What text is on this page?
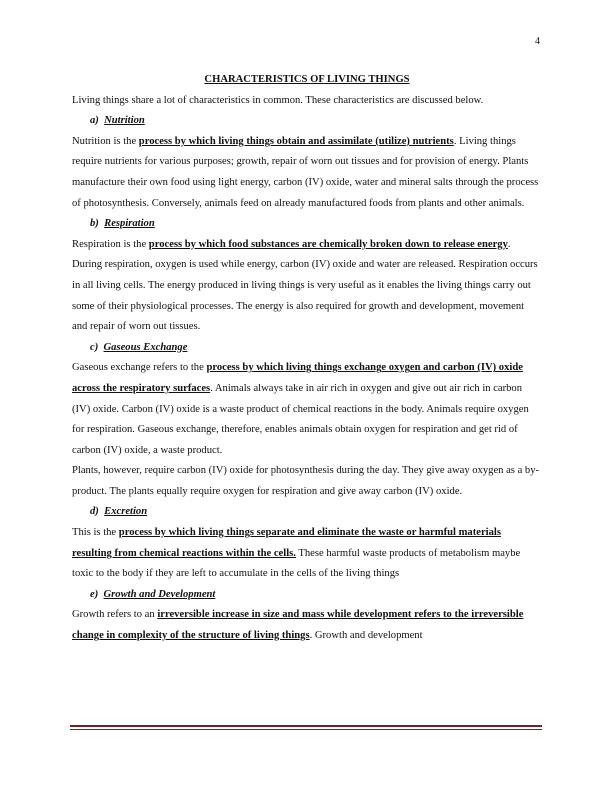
4
CHARACTERISTICS OF LIVING THINGS

Living things share a lot of characteristics in common. These characteristics are discussed below.

a) Nutrition

Nutrition is the process by which living things obtain and assimilate (utilize) nutrients. Living things require nutrients for various purposes; growth, repair of worn out tissues and for provision of energy. Plants manufacture their own food using light energy, carbon (IV) oxide, water and mineral salts through the process of photosynthesis. Conversely, animals feed on already manufactured foods from plants and other animals.

b) Respiration

Respiration is the process by which food substances are chemically broken down to release energy. During respiration, oxygen is used while energy, carbon (IV) oxide and water are released. Respiration occurs in all living cells. The energy produced in living things is very useful as it enables the living things carry out some of their physiological processes. The energy is also required for growth and development, movement and repair of worn out tissues.

c) Gaseous Exchange

Gaseous exchange refers to the process by which living things exchange oxygen and carbon (IV) oxide across the respiratory surfaces. Animals always take in air rich in oxygen and give out air rich in carbon (IV) oxide. Carbon (IV) oxide is a waste product of chemical reactions in the body. Animals require oxygen for respiration. Gaseous exchange, therefore, enables animals obtain oxygen for respiration and get rid of carbon (IV) oxide, a waste product.

Plants, however, require carbon (IV) oxide for photosynthesis during the day. They give away oxygen as a by-product. The plants equally require oxygen for respiration and give away carbon (IV) oxide.

d) Excretion

This is the process by which living things separate and eliminate the waste or harmful materials resulting from chemical reactions within the cells. These harmful waste products of metabolism maybe toxic to the body if they are left to accumulate in the cells of the living things

e) Growth and Development

Growth refers to an irreversible increase in size and mass while development refers to the irreversible change in complexity of the structure of living things. Growth and development
